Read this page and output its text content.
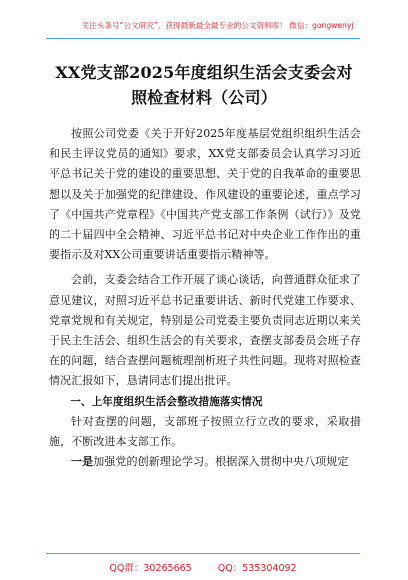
关注头条号“公文研究”，获得最新最全最专业的公文资料库！ 微信：gongwenyj
XX党支部2025年度组织生活会支委会对
照检查材料（公司）

按照公司党委《关于开好2025年度基层党组织组织生活会和民主评议党员的通知》要求，XX党支部委员会认真学习习近平总书记关于党的建设的重要思想、关于党的自我革命的重要思想以及关于加强党的纪律建设、作风建设的重要论述，重点学习了《中国共产党章程》《中国共产党支部工作条例（试行）》及党的二十届四中全会精神、习近平总书记对中央企业工作作出的重要指示及对XX公司重要讲话重要指示精神等。

会前，支委会结合工作开展了谈心谈话，向普通群众征求了意见建议，对照习近平总书记重要讲话、新时代党建工作要求、党章党规和有关规定，特别是公司党委主要负责同志近期以来关于民主生活会、组织生活会的有关要求，查摆支部委员会班子存在的问题，结合查摆问题梳理剖析班子共性问题。现将对照检查情况汇报如下，恳请同志们提出批评。

一、上年度组织生活会整改措施落实情况

针对查摆的问题，支部班子按照立行立改的要求，采取措施，不断改进本支部工作。

一是加强党的创新理论学习。根据深入贯彻中央八项规定

QQ群：30265665	QQ：535304092
